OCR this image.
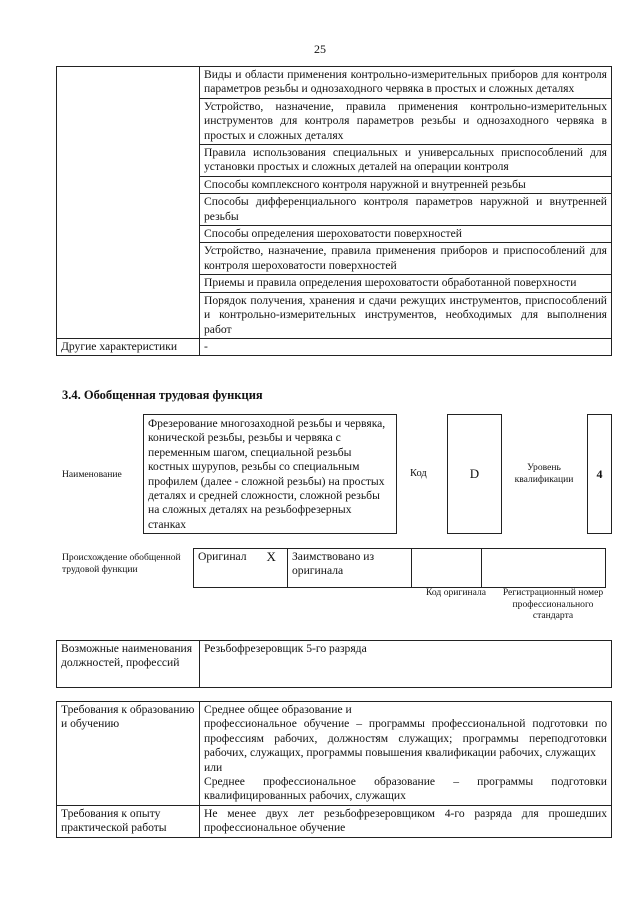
25
	Виды и области применения контрольно-измерительных приборов для контроля параметров резьбы и однозаходного червяка в простых и сложных деталях
	Устройство, назначение, правила применения контрольно-измерительных инструментов для контроля параметров резьбы и однозаходного червяка в простых и сложных деталях
	Правила использования специальных и универсальных приспособлений для установки простых и сложных деталей на операции контроля
	Способы комплексного контроля наружной и внутренней резьбы
	Способы дифференциального контроля параметров наружной и внутренней резьбы
	Способы определения шероховатости поверхностей
	Устройство, назначение, правила применения приборов и приспособлений для контроля шероховатости поверхностей
	Приемы и правила определения шероховатости обработанной поверхности
	Порядок получения, хранения и сдачи режущих инструментов, приспособлений и контрольно-измерительных инструментов, необходимых для выполнения работ
Другие характеристики	-
3.4. Обобщенная трудовая функция
Наименование
Фрезерование многозаходной резьбы и червяка, конической резьбы, резьбы и червяка с переменным шагом, специальной резьбы костных шурупов, резьбы со специальным профилем (далее - сложной резьбы) на простых деталях и средней сложности, сложной резьбы на сложных деталях на резьбофрезерных станках
Код	D	Уровень квалификации	4
Происхождение обобщенной трудовой функции
Оригинал	X	Заимствовано из оригинала		
Код оригинала	Регистрационный номер профессионального стандарта
Возможные наименования должностей, профессий	Резьбофрезеровщик 5-го разряда
Требования к образованию и обучению	Среднее общее образование и
профессиональное обучение – программы профессиональной подготовки по профессиям рабочих, должностям служащих; программы переподготовки рабочих, служащих, программы повышения квалификации рабочих, служащих
или
Среднее профессиональное образование – программы подготовки квалифицированных рабочих, служащих

Требования к опыту практической работы	Не менее двух лет резьбофрезеровщиком 4-го разряда для прошедших профессиональное обучение
